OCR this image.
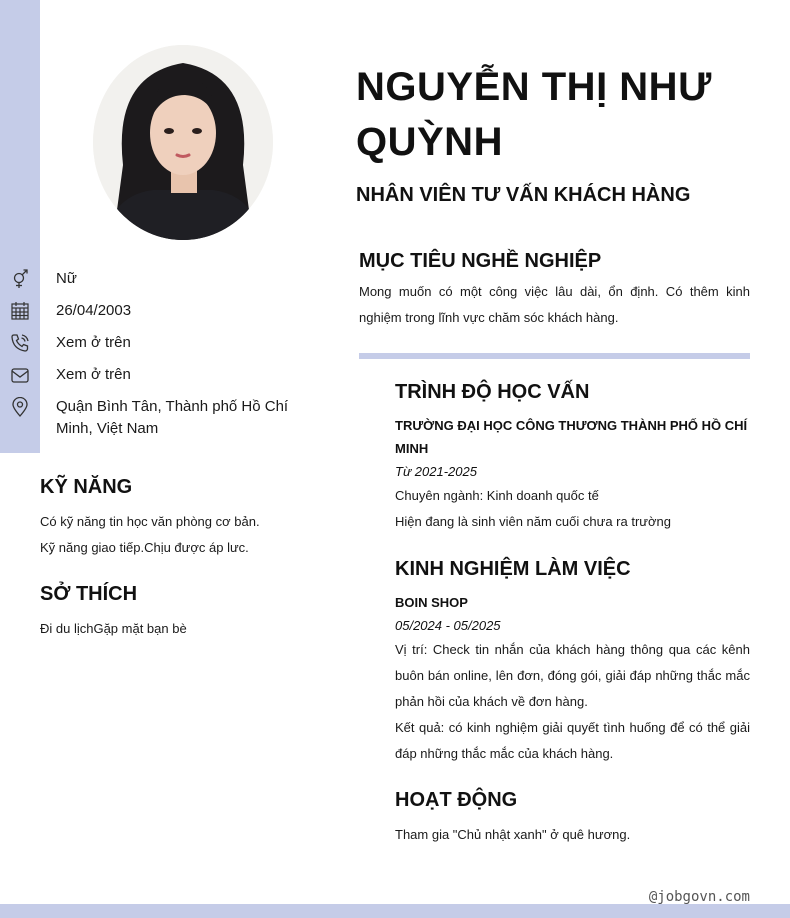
NGUYỄN THỊ NHƯ QUỲNH
NHÂN VIÊN TƯ VẤN KHÁCH HÀNG
Nữ
26/04/2003
Xem ở trên
Xem ở trên
Quận Bình Tân, Thành phố Hồ Chí Minh, Việt Nam
KỸ NĂNG
Có kỹ năng tin học văn phòng cơ bản.
Kỹ năng giao tiếp.Chịu được áp lưc.
SỞ THÍCH
Đi du lịchGặp mặt bạn bè
MỤC TIÊU NGHỀ NGHIỆP
Mong muốn có một công việc lâu dài, ổn định. Có thêm kinh nghiệm trong lĩnh vực chăm sóc khách hàng.
TRÌNH ĐỘ HỌC VẤN
TRƯỜNG ĐẠI HỌC CÔNG THƯƠNG THÀNH PHỐ HỒ CHÍ MINH
Từ 2021-2025
Chuyên ngành: Kinh doanh quốc tế
Hiện đang là sinh viên năm cuối chưa ra trường
KINH NGHIỆM LÀM VIỆC
BOIN SHOP
05/2024 - 05/2025
Vị trí: Check tin nhắn của khách hàng thông qua các kênh buôn bán online, lên đơn, đóng gói, giải đáp những thắc mắc phản hồi của khách về đơn hàng.
Kết quả: có kinh nghiệm giải quyết tình huống để có thể giải đáp những thắc mắc của khách hàng.
HOẠT ĐỘNG
Tham gia "Chủ nhật xanh" ở quê hương.
@jobgovn.com
